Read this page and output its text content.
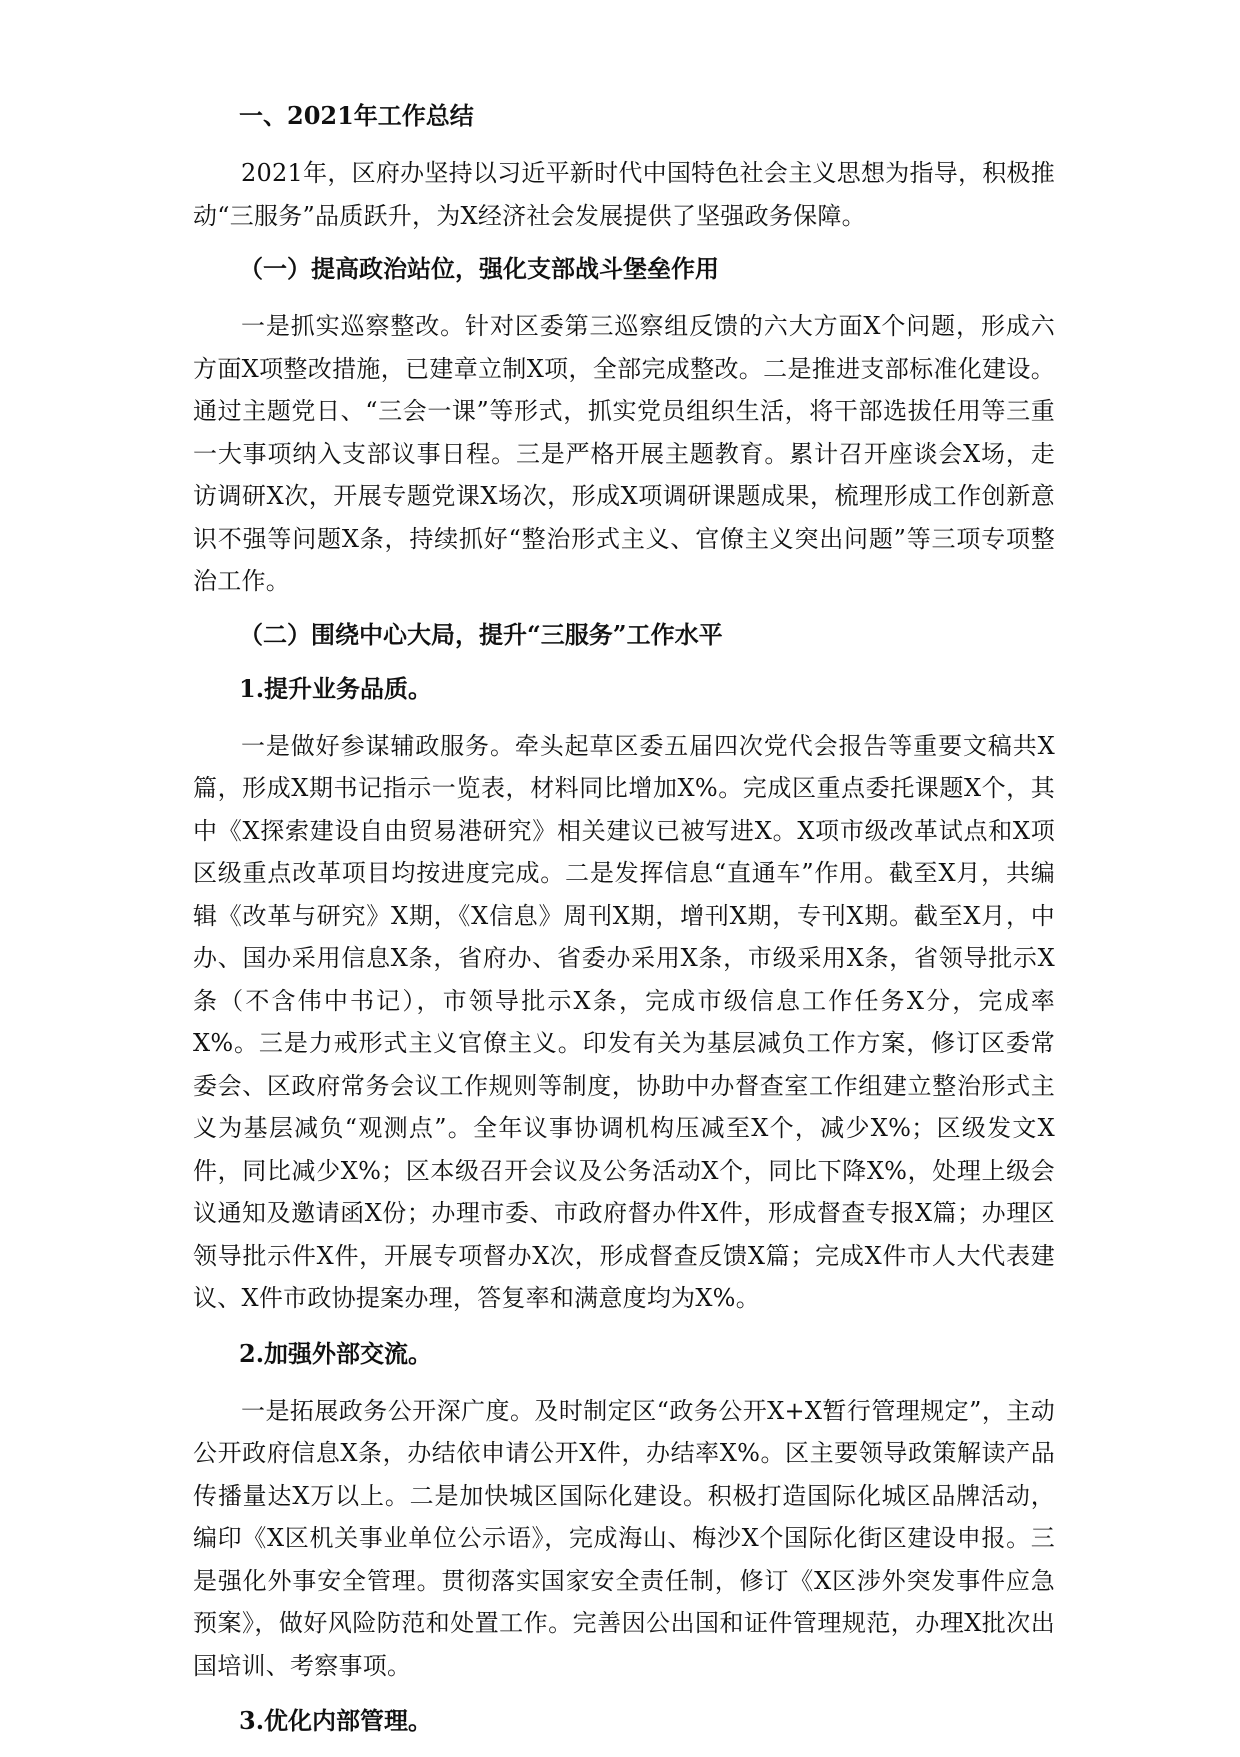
一、2021年工作总结

2021年，区府办坚持以习近平新时代中国特色社会主义思想为指导，积极推动“三服务”品质跃升，为X经济社会发展提供了坚强政务保障。

（一）提高政治站位，强化支部战斗堡垒作用

一是抓实巡察整改。针对区委第三巡察组反馈的六大方面X个问题，形成六方面X项整改措施，已建章立制X项，全部完成整改。二是推进支部标准化建设。通过主题党日、“三会一课”等形式，抓实党员组织生活，将干部选拔任用等三重一大事项纳入支部议事日程。三是严格开展主题教育。累计召开座谈会X场，走访调研X次，开展专题党课X场次，形成X项调研课题成果，梳理形成工作创新意识不强等问题X条，持续抓好“整治形式主义、官僚主义突出问题”等三项专项整治工作。

（二）围绕中心大局，提升“三服务”工作水平
1.提升业务品质。

一是做好参谋辅政服务。牵头起草区委五届四次党代会报告等重要文稿共X篇，形成X期书记指示一览表，材料同比增加X%。完成区重点委托课题X个，其中《X探索建设自由贸易港研究》相关建议已被写进X。X项市级改革试点和X项区级重点改革项目均按进度完成。二是发挥信息“直通车”作用。截至X月，共编辑《改革与研究》X期，《X信息》周刊X期，增刊X期，专刊X期。截至X月，中办、国办采用信息X条，省府办、省委办采用X条，市级采用X条，省领导批示X条（不含伟中书记），市领导批示X条，完成市级信息工作任务X分，完成率X%。三是力戒形式主义官僚主义。印发有关为基层减负工作方案，修订区委常委会、区政府常务会议工作规则等制度，协助中办督查室工作组建立整治形式主义为基层减负“观测点”。全年议事协调机构压减至X个，减少X%；区级发文X件，同比减少X%；区本级召开会议及公务活动X个，同比下降X%，处理上级会议通知及邀请函X份；办理市委、市政府督办件X件，形成督查专报X篇；办理区领导批示件X件，开展专项督办X次，形成督查反馈X篇；完成X件市人大代表建议、X件市政协提案办理，答复率和满意度均为X%。

2.加强外部交流。

一是拓展政务公开深广度。及时制定区“政务公开X+X暂行管理规定”，主动公开政府信息X条，办结依申请公开X件，办结率X%。区主要领导政策解读产品传播量达X万以上。二是加快城区国际化建设。积极打造国际化城区品牌活动，编印《X区机关事业单位公示语》，完成海山、梅沙X个国际化街区建设申报。三是强化外事安全管理。贯彻落实国家安全责任制，修订《X区涉外突发事件应急预案》，做好风险防范和处置工作。完善因公出国和证件管理规范，办理X批次出国培训、考察事项。

3.优化内部管理。
